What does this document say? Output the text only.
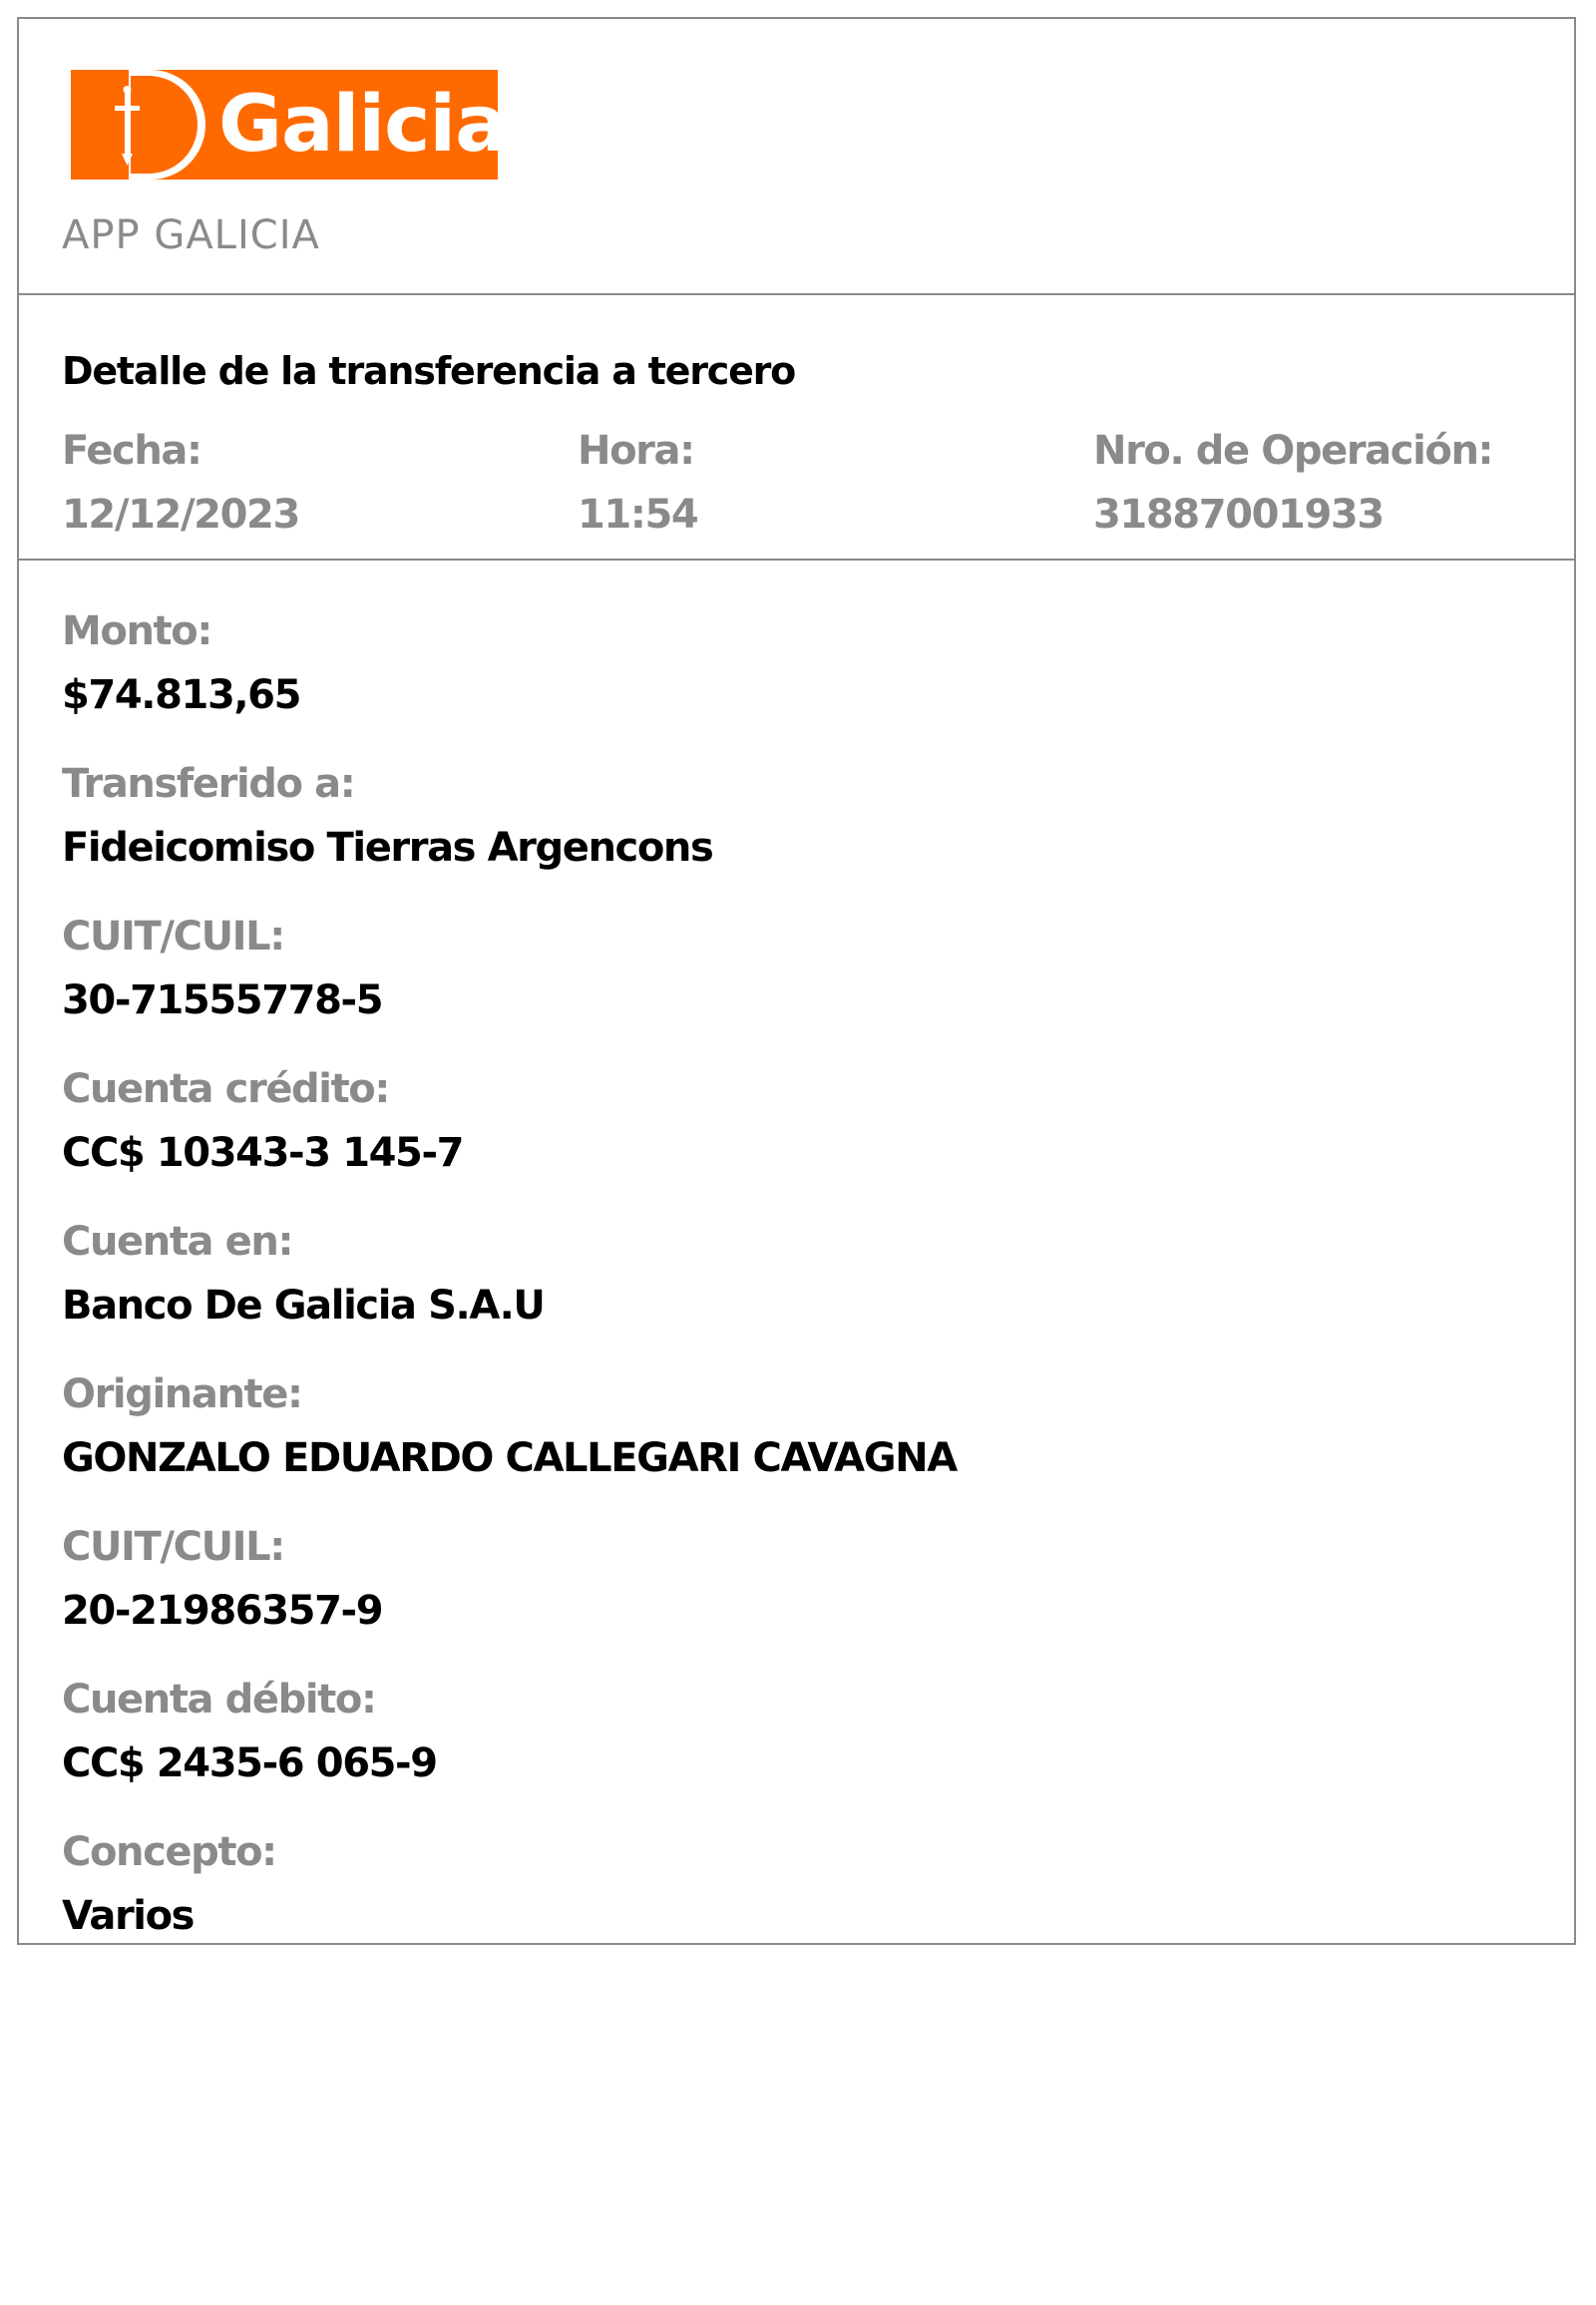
Galicia
APP GALICIA
Detalle de la transferencia a tercero
Fecha:
12/12/2023
Hora:
11:54
Nro. de Operación:
31887001933
Monto:
$74.813,65
Transferido a:
Fideicomiso Tierras Argencons
CUIT/CUIL:
30-71555778-5
Cuenta crédito:
CC$ 10343-3 145-7
Cuenta en:
Banco De Galicia S.A.U
Originante:
GONZALO EDUARDO CALLEGARI CAVAGNA
CUIT/CUIL:
20-21986357-9
Cuenta débito:
CC$ 2435-6 065-9
Concepto:
Varios
